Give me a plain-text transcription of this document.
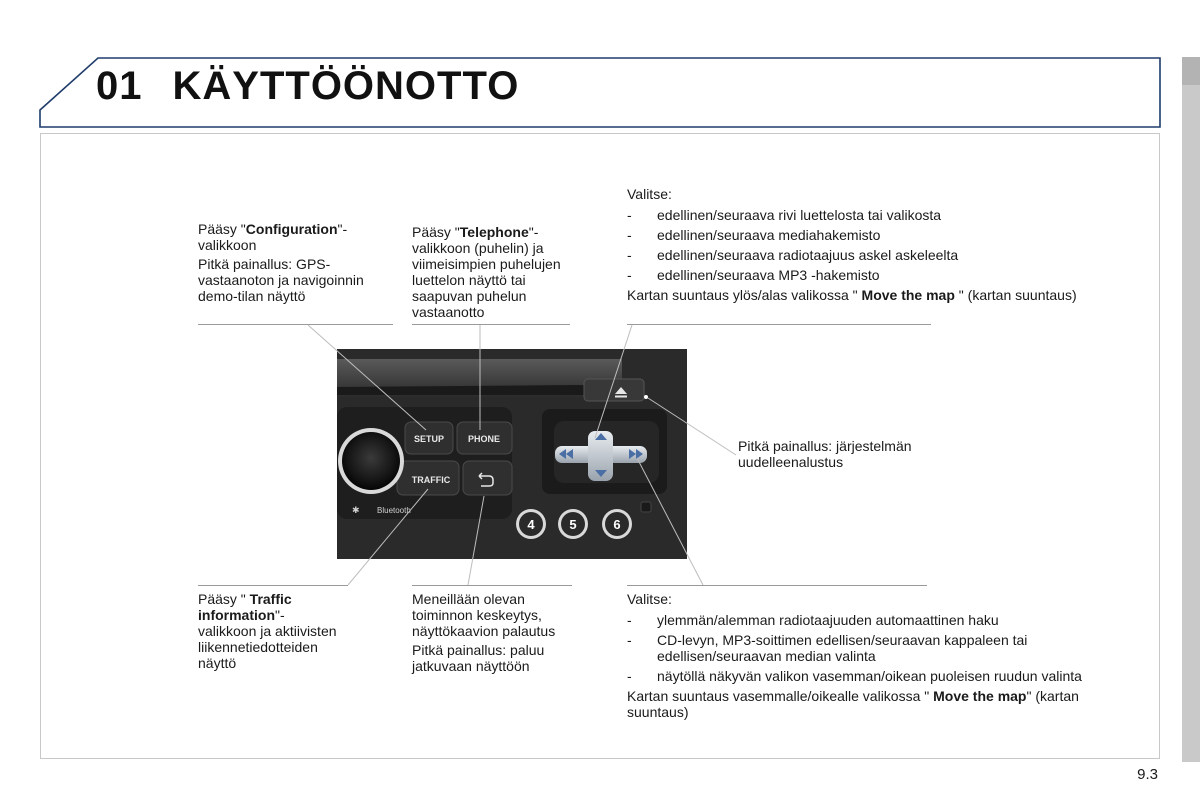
01 KÄYTTÖÖNOTTO

Pääsy "Configuration"-
valikkoon

Pitkä painallus: GPS-vastaanoton ja navigoinnin demo-tilan näyttö

Pääsy "Telephone"- valikkoon (puhelin) ja viimeisimpien puhelujen luettelon näyttö tai saapuvan puhelun vastaanotto

Valitse:

- edellinen/seuraava rivi luettelosta tai valikosta
- edellinen/seuraava mediahakemisto
- edellinen/seuraava radiotaajuus askel askeleelta
- edellinen/seuraava MP3 -hakemisto

Kartan suuntaus ylös/alas valikossa " Move the map " (kartan suuntaus)

Pitkä painallus: järjestelmän uudelleenalustus

Pääsy " Traffic information"- valikkoon ja aktiivisten liikennetiedotteiden näyttö

Meneillään olevan toiminnon keskeytys, näyttökaavion palautus

Pitkä painallus: paluu jatkuvaan näyttöön

Valitse:

- ylemmän/alemman radiotaajuuden automaattinen haku
- CD-levyn, MP3-soittimen edellisen/seuraavan kappaleen tai edellisen/seuraavan median valinta
- näytöllä näkyvän valikon vasemman/oikean puoleisen ruudun valinta

Kartan suuntaus vasemmalle/oikealle valikossa " Move the map" (kartan suuntaus)

SETUP	PHONE
TRAFFIC
Bluetooth
✱
4	5	6
9.3
